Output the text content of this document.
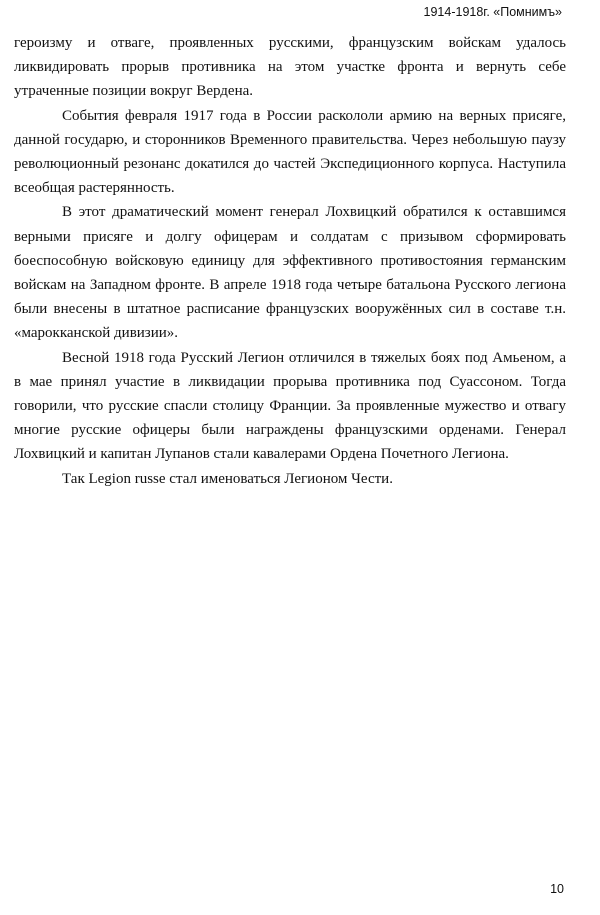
1914-1918г. «Помнимъ»

героизму и отваге, проявленных русскими, французским войскам удалось ликвидировать прорыв противника на этом участке фронта и вернуть себе утраченные позиции вокруг Вердена.

События февраля 1917 года в России раскололи армию на верных присяге, данной государю, и сторонников Временного правительства. Через небольшую паузу революционный резонанс докатился до частей Экспедиционного корпуса. Наступила всеобщая растерянность.

В этот драматический момент генерал Лохвицкий обратился к оставшимся верными присяге и долгу офицерам и солдатам с призывом сформировать боеспособную войсковую единицу для эффективного противостояния германским войскам на Западном фронте. В апреле 1918 года четыре батальона Русского легиона были внесены в штатное расписание французских вооружённых сил в составе т.н. «марокканской дивизии».

Весной 1918 года Русский Легион отличился в тяжелых боях под Амьеном, а в мае принял участие в ликвидации прорыва противника под Суассоном. Тогда говорили, что русские спасли столицу Франции. За проявленные мужество и отвагу многие русские офицеры были награждены французскими орденами. Генерал Лохвицкий и капитан Лупанов стали кавалерами Ордена Почетного Легиона.

Так Legion russe стал именоваться Легионом Чести.

10
